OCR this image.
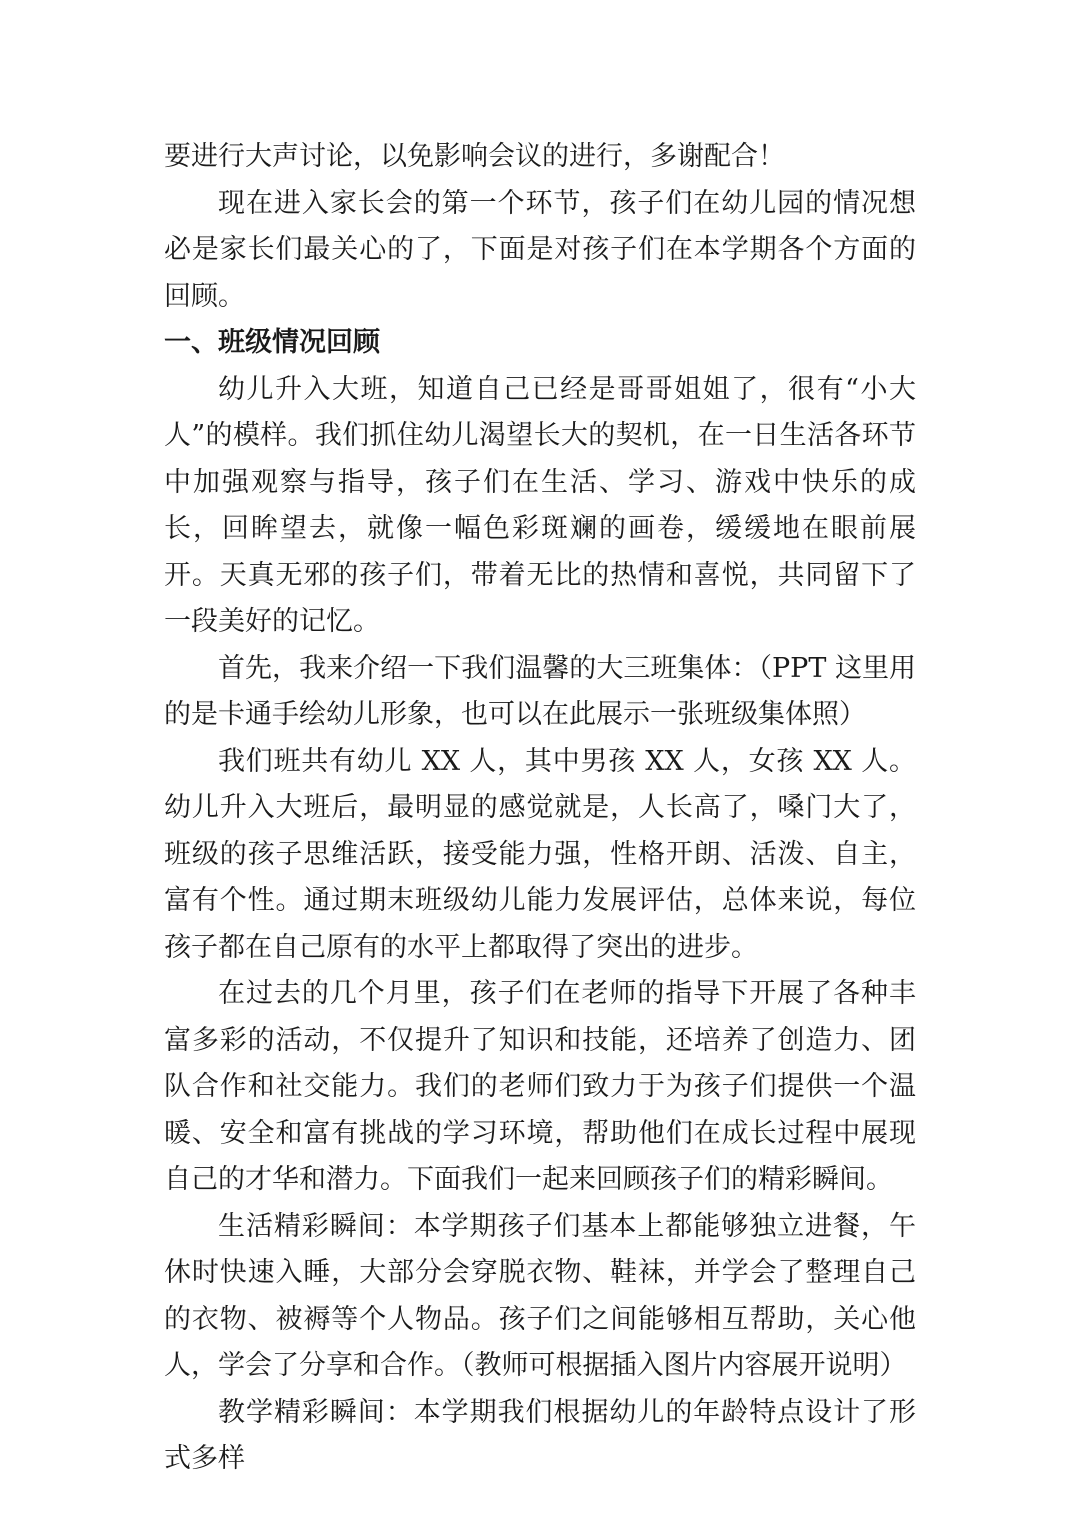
要进行大声讨论，以免影响会议的进行，多谢配合！

现在进入家长会的第一个环节，孩子们在幼儿园的情况想必是家长们最关心的了，下面是对孩子们在本学期各个方面的回顾。

一、班级情况回顾

幼儿升入大班，知道自己已经是哥哥姐姐了，很有“小大人”的模样。我们抓住幼儿渴望长大的契机，在一日生活各环节中加强观察与指导，孩子们在生活、学习、游戏中快乐的成长，回眸望去，就像一幅色彩斑斓的画卷，缓缓地在眼前展开。天真无邪的孩子们，带着无比的热情和喜悦，共同留下了一段美好的记忆。

首先，我来介绍一下我们温馨的大三班集体：（PPT 这里用的是卡通手绘幼儿形象，也可以在此展示一张班级集体照）

我们班共有幼儿 XX 人，其中男孩 XX 人，女孩 XX 人。幼儿升入大班后，最明显的感觉就是，人长高了，嗓门大了，班级的孩子思维活跃，接受能力强，性格开朗、活泼、自主，富有个性。通过期末班级幼儿能力发展评估，总体来说，每位孩子都在自己原有的水平上都取得了突出的进步。

在过去的几个月里，孩子们在老师的指导下开展了各种丰富多彩的活动，不仅提升了知识和技能，还培养了创造力、团队合作和社交能力。我们的老师们致力于为孩子们提供一个温暖、安全和富有挑战的学习环境，帮助他们在成长过程中展现自己的才华和潜力。下面我们一起来回顾孩子们的精彩瞬间。

生活精彩瞬间：本学期孩子们基本上都能够独立进餐，午休时快速入睡，大部分会穿脱衣物、鞋袜，并学会了整理自己的衣物、被褥等个人物品。孩子们之间能够相互帮助，关心他人，学会了分享和合作。（教师可根据插入图片内容展开说明）

教学精彩瞬间：本学期我们根据幼儿的年龄特点设计了形式多样
